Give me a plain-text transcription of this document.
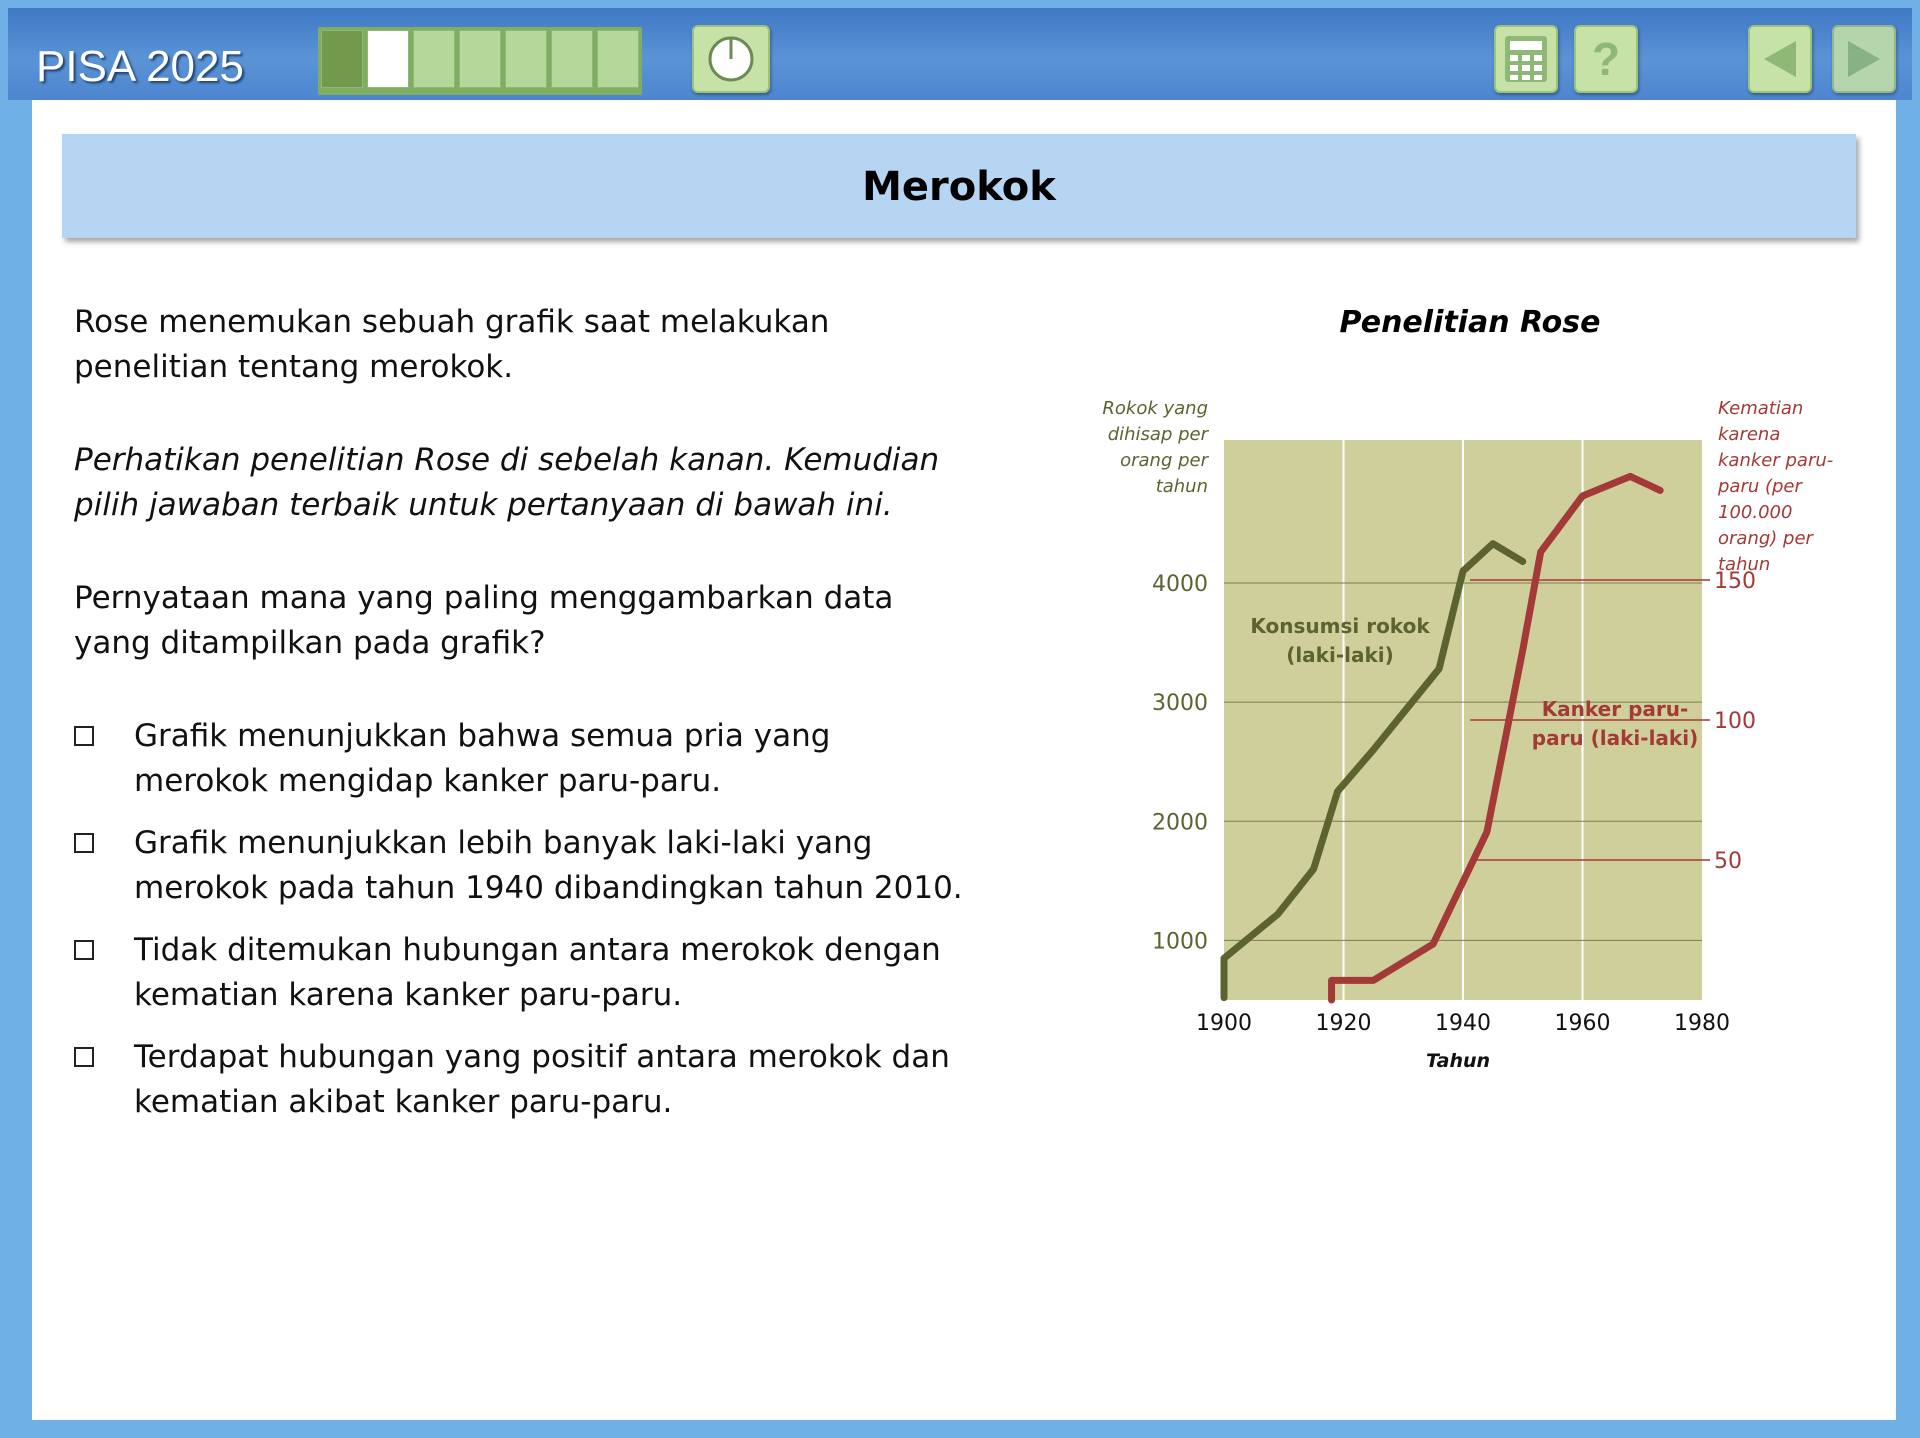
PISA 2025	?
Merokok
Rose menemukan sebuah grafik saat melakukan
penelitian tentang merokok.
Perhatikan penelitian Rose di sebelah kanan. Kemudian
pilih jawaban terbaik untuk pertanyaan di bawah ini.
Pernyataan mana yang paling menggambarkan data
yang ditampilkan pada grafik?
Grafik menunjukkan bahwa semua pria yang
merokok mengidap kanker paru-paru.
Grafik menunjukkan lebih banyak laki-laki yang
merokok pada tahun 1940 dibandingkan tahun 2010.
Tidak ditemukan hubungan antara merokok dengan
kematian karena kanker paru-paru.
Terdapat hubungan yang positif antara merokok dan
kematian akibat kanker paru-paru.
Penelitian Rose
1000
2000
3000
4000
50
100
150
1900	1920	1940	1960	1980
Tahun
Rokok yang
dihisap per
orang per
tahun
Kematian
karena
kanker paru-
paru (per
100.000
orang) per
tahun
Konsumsi rokok
(laki-laki)
Kanker paru-
paru (laki-laki)
